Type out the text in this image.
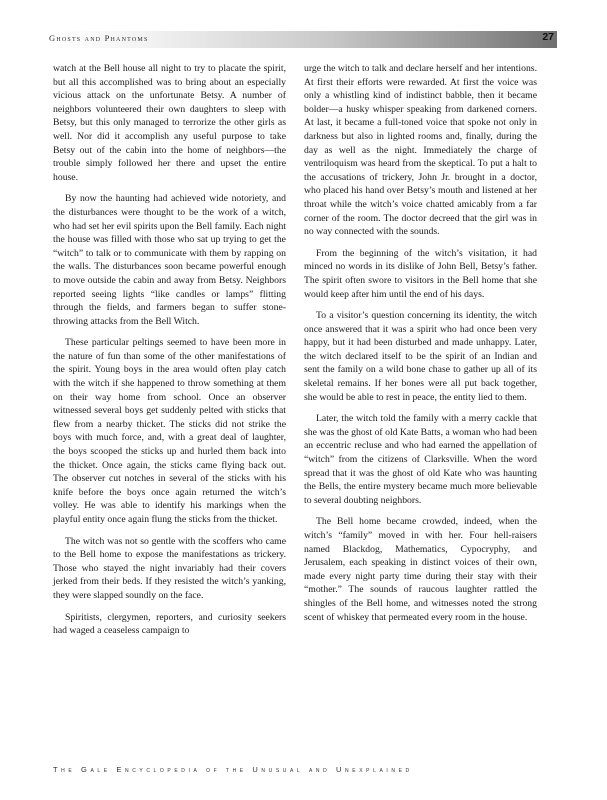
Ghosts and Phantoms	27

watch at the Bell house all night to try to placate the spirit, but all this accomplished was to bring about an especially vicious attack on the unfortunate Betsy. A number of neighbors volunteered their own daughters to sleep with Betsy, but this only managed to terrorize the other girls as well. Nor did it accomplish any useful purpose to take Betsy out of the cabin into the home of neighbors—the trouble simply followed her there and upset the entire house.

By now the haunting had achieved wide notoriety, and the disturbances were thought to be the work of a witch, who had set her evil spirits upon the Bell family. Each night the house was filled with those who sat up trying to get the “witch” to talk or to communicate with them by rapping on the walls. The disturbances soon became powerful enough to move outside the cabin and away from Betsy. Neighbors reported seeing lights “like candles or lamps” flitting through the fields, and farmers began to suffer stone-throwing attacks from the Bell Witch.

These particular peltings seemed to have been more in the nature of fun than some of the other manifestations of the spirit. Young boys in the area would often play catch with the witch if she happened to throw something at them on their way home from school. Once an observer witnessed several boys get suddenly pelted with sticks that flew from a nearby thicket. The sticks did not strike the boys with much force, and, with a great deal of laughter, the boys scooped the sticks up and hurled them back into the thicket. Once again, the sticks came flying back out. The observer cut notches in several of the sticks with his knife before the boys once again returned the witch’s volley. He was able to identify his markings when the playful entity once again flung the sticks from the thicket.

The witch was not so gentle with the scoffers who came to the Bell home to expose the manifestations as trickery. Those who stayed the night invariably had their covers jerked from their beds. If they resisted the witch’s yanking, they were slapped soundly on the face.

Spiritists, clergymen, reporters, and curiosity seekers had waged a ceaseless campaign to

urge the witch to talk and declare herself and her intentions. At first their efforts were rewarded. At first the voice was only a whistling kind of indistinct babble, then it became bolder—a husky whisper speaking from darkened corners. At last, it became a full-toned voice that spoke not only in darkness but also in lighted rooms and, finally, during the day as well as the night. Immediately the charge of ventriloquism was heard from the skeptical. To put a halt to the accusations of trickery, John Jr. brought in a doctor, who placed his hand over Betsy’s mouth and listened at her throat while the witch’s voice chatted amicably from a far corner of the room. The doctor decreed that the girl was in no way connected with the sounds.

From the beginning of the witch’s visitation, it had minced no words in its dislike of John Bell, Betsy’s father. The spirit often swore to visitors in the Bell home that she would keep after him until the end of his days.

To a visitor’s question concerning its identity, the witch once answered that it was a spirit who had once been very happy, but it had been disturbed and made unhappy. Later, the witch declared itself to be the spirit of an Indian and sent the family on a wild bone chase to gather up all of its skeletal remains. If her bones were all put back together, she would be able to rest in peace, the entity lied to them.

Later, the witch told the family with a merry cackle that she was the ghost of old Kate Batts, a woman who had been an eccentric recluse and who had earned the appellation of “witch” from the citizens of Clarksville. When the word spread that it was the ghost of old Kate who was haunting the Bells, the entire mystery became much more believable to several doubting neighbors.

The Bell home became crowded, indeed, when the witch’s “family” moved in with her. Four hell-raisers named Blackdog, Mathematics, Cypocryphy, and Jerusalem, each speaking in distinct voices of their own, made every night party time during their stay with their “mother.” The sounds of raucous laughter rattled the shingles of the Bell home, and witnesses noted the strong scent of whiskey that permeated every room in the house.

The Gale Encyclopedia of the Unusual and Unexplained
